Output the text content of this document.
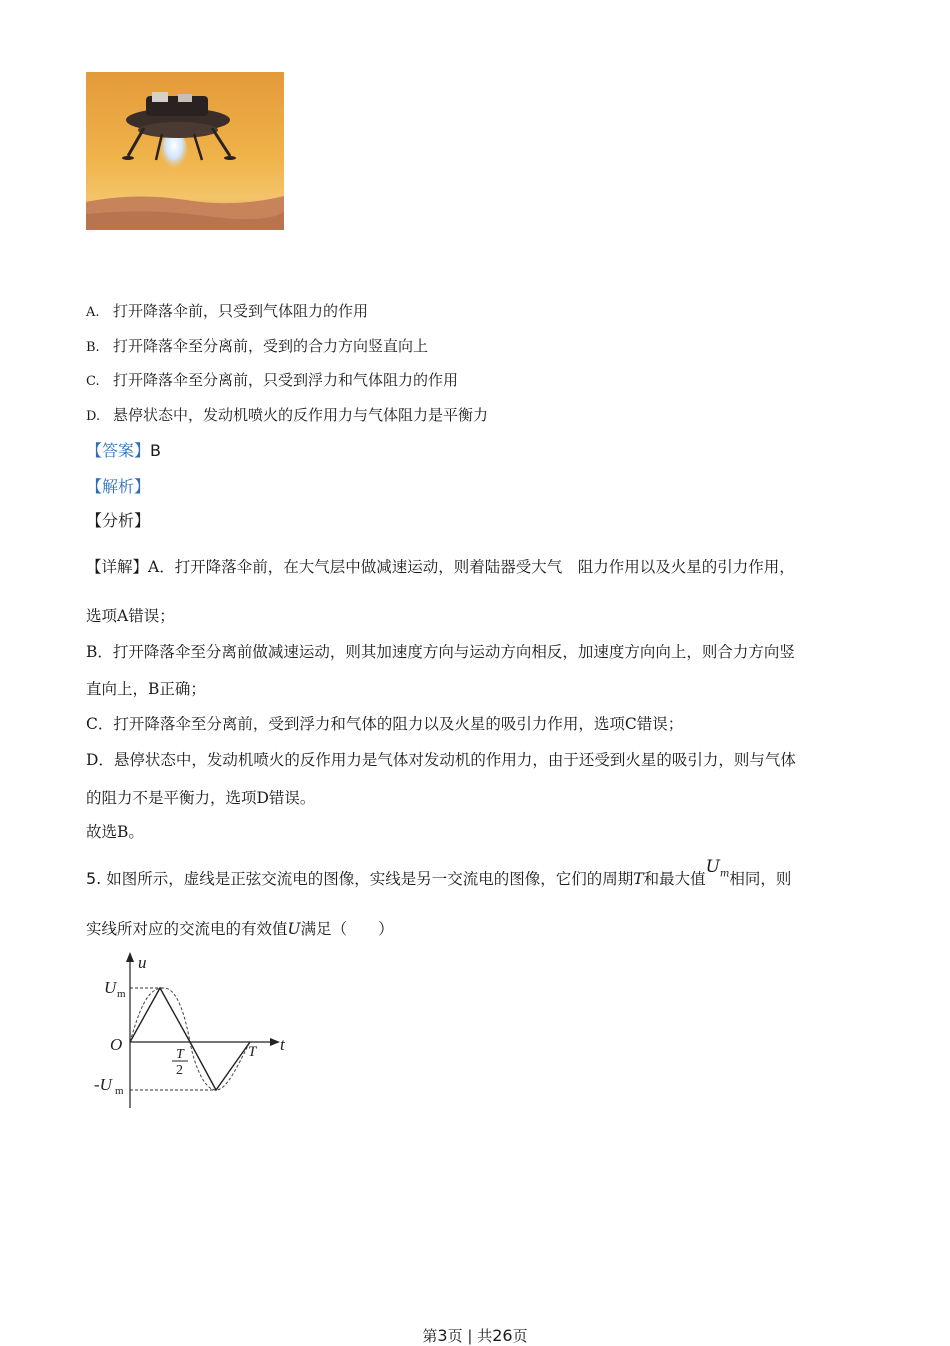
A. 打开降落伞前，只受到气体阻力的作用
B. 打开降落伞至分离前，受到的合力方向竖直向上
C. 打开降落伞至分离前，只受到浮力和气体阻力的作用
D. 悬停状态中，发动机喷火的反作用力与气体阻力是平衡力
【答案】B
【解析】
【分析】
【详解】A．打开降落伞前，在大气层中做减速运动，则着陆器受大气　阻力作用以及火星的引力作用，
选项A错误；
B．打开降落伞至分离前做减速运动，则其加速度方向与运动方向相反，加速度方向向上，则合力方向竖
直向上，B正确；
C．打开降落伞至分离前，受到浮力和气体的阻力以及火星的吸引力作用，选项C错误；
D．悬停状态中，发动机喷火的反作用力是气体对发动机的作用力，由于还受到火星的吸引力，则与气体
的阻力不是平衡力，选项D错误。
故选B。
5. 如图所示，虚线是正弦交流电的图像，实线是另一交流电的图像，它们的周期T和最大值$U_m$相同，则
实线所对应的交流电的有效值U满足（　　）
u
t
U m
-U m
O
T
2
T
第3页 | 共26页
